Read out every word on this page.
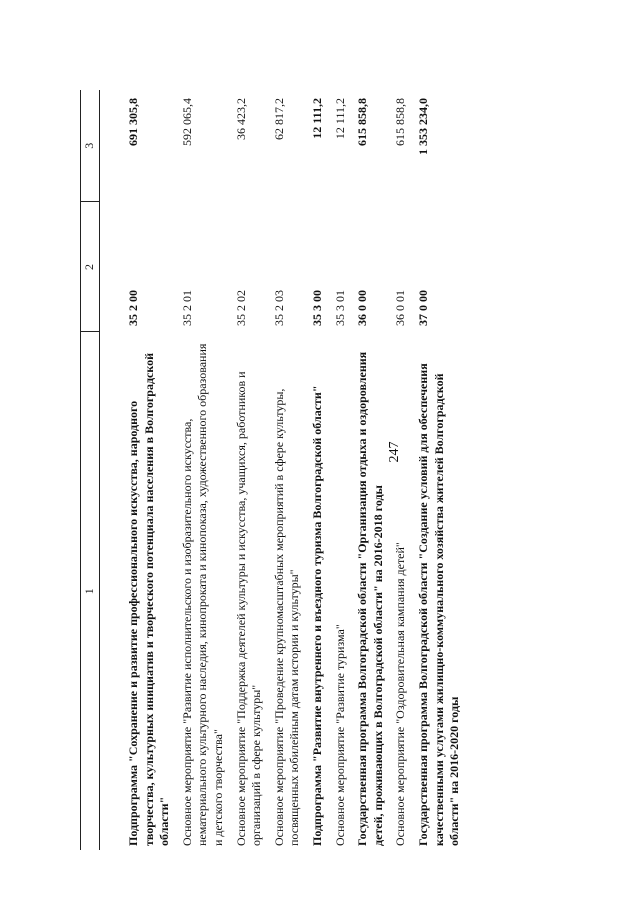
247
1	2	3

Подпрограмма "Сохранение и развитие профессионального искусства, народного творчества, культурных инициатив и творческого потенциала населения в Волгоградской области"	35 2 00	691 305,8
Основное мероприятие "Развитие исполнительского и изобразительного искусства, нематериального культурного наследия, кинопроката и кинопоказа, художественного образования и детского творчества"	35 2 01	592 065,4
Основное мероприятие "Поддержка деятелей культуры и искусства, учащихся, работников и организаций в сфере культуры"	35 2 02	36 423,2
Основное мероприятие "Проведение крупномасштабных мероприятий в сфере культуры, посвященных юбилейным датам истории и культуры"	35 2 03	62 817,2
Подпрограмма "Развитие внутреннего и въездного туризма Волгоградской области"	35 3 00	12 111,2
Основное мероприятие "Развитие туризма"	35 3 01	12 111,2
Государственная программа Волгоградской области "Организация отдыха и оздоровления детей, проживающих в Волгоградской области" на 2016-2018 годы	36 0 00	615 858,8
Основное мероприятие "Оздоровительная кампания детей"	36 0 01	615 858,8
Государственная программа Волгоградской области "Создание условий для обеспечения качественными услугами жилищно-коммунального хозяйства жителей Волгоградской области" на 2016-2020 годы	37 0 00	1 353 234,0
